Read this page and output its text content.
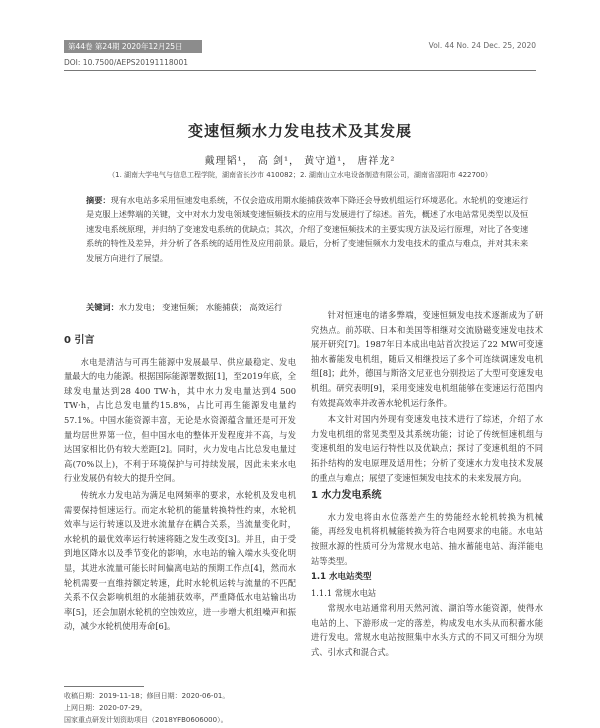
第44卷 第24期 2020年12月25日	Vol. 44 No. 24 Dec. 25, 2020
DOI: 10.7500/AEPS20191118001
变速恒频水力发电技术及其发展
戴理韬¹， 高 剑¹， 黄守道¹， 唐祥龙²
（1. 湖南大学电气与信息工程学院，湖南省长沙市 410082；2. 湖南山立水电设备制造有限公司，湖南省邵阳市 422700）
摘要：现有水电站多采用恒速发电系统，不仅会造成用期水能捕获效率下降还会导致机组运行环境恶化。水轮机的变速运行是克服上述弊端的关键，文中对水力发电领域变速恒频技术的应用与发展进行了综述。首先，概述了水电站常见类型以及恒速发电系统原理，并归纳了变速发电系统的优缺点；其次，介绍了变速恒频技术的主要实现方法及运行原理，对比了各变速系统的特性及差异，并分析了各系统的适用性及应用前景。最后，分析了变速恒频水力发电技术的重点与难点，并对其未来发展方向进行了展望。
关键词：水力发电； 变速恒频； 水能捕获； 高效运行
0 引言

水电是清洁与可再生能源中发展最早、供应最稳定、发电量最大的电力能源。根据国际能源署数据[1]，至2019年底，全球发电量达到28 400 TW·h，其中水力发电量达到4 500 TW·h，占比总发电量约15.8%，占比可再生能源发电量约57.1%。中国水能资源丰富，无论是水资源蕴含量还是可开发量均居世界第一位，但中国水电的整体开发程度并不高，与发达国家相比仍有较大差距[2]。同时，火力发电占比总发电量过高(70%以上)，不利于环境保护与可持续发展，因此未来水电行业发展仍有较大的提升空间。

传统水力发电站为满足电网频率的要求，水轮机及发电机需要保持恒速运行。而定水轮机的能量转换特性约束，水轮机效率与运行转速以及进水流量存在耦合关系，当流量变化时，水轮机的最优效率运行转速将随之发生改变[3]。并且，由于受到地区降水以及季节变化的影响，水电站的输入端水头变化明显，其进水流量可能长时间偏离电站的预期工作点[4]，然而水轮机需要一直维持额定转速，此时水轮机运转与流量的不匹配关系不仅会影响机组的水能捕获效率，严重降低水电站输出功率[5]，还会加剧水轮机的空蚀效应，进一步增大机组噪声和振动，减少水轮机使用寿命[6]。

针对恒速电的诸多弊端，变速恒频发电技术逐渐成为了研究热点。前苏联、日本和美国等相继对交流励磁变速发电技术展开研究[7]。1987年日本成出电站首次投运了22 MW可变速抽水蓄能发电机组，随后又相继投运了多个可连续调速发电机组[8]；此外，德国与斯洛文尼亚也分别投运了大型可变速发电机组。研究表明[9]，采用变速发电机组能够在变速运行范围内有效提高效率并改善水轮机运行条件。

本文针对国内外现有变速发电技术进行了综述，介绍了水力发电机组的常见类型及其系统功能；讨论了传统恒速机组与变速机组的发电运行特性以及优缺点；探讨了变速机组的不同拓扑结构的发电原理及适用性；分析了变速水力发电技术发展的重点与难点；展望了变速恒频发电技术的未来发展方向。

1 水力发电系统

水力发电将由水位落差产生的势能经水轮机转换为机械能，再经发电机将机械能转换为符合电网要求的电能。水电站按照水源的性质可分为常规水电站、抽水蓄能电站、海洋能电站等类型。

1.1 水电站类型
1.1.1 常规水电站

常规水电站通常利用天然河流、湖泊等水能资源，使得水电站的上、下游形成一定的落差，构成发电水头从而积蓄水能进行发电。常规水电站按照集中水头方式的不同又可细分为坝式、引水式和混合式。

收稿日期：2019-11-18；修回日期：2020-06-01。
上网日期：2020-07-29。
国家重点研发计划资助项目（2018YFB0606000）。
